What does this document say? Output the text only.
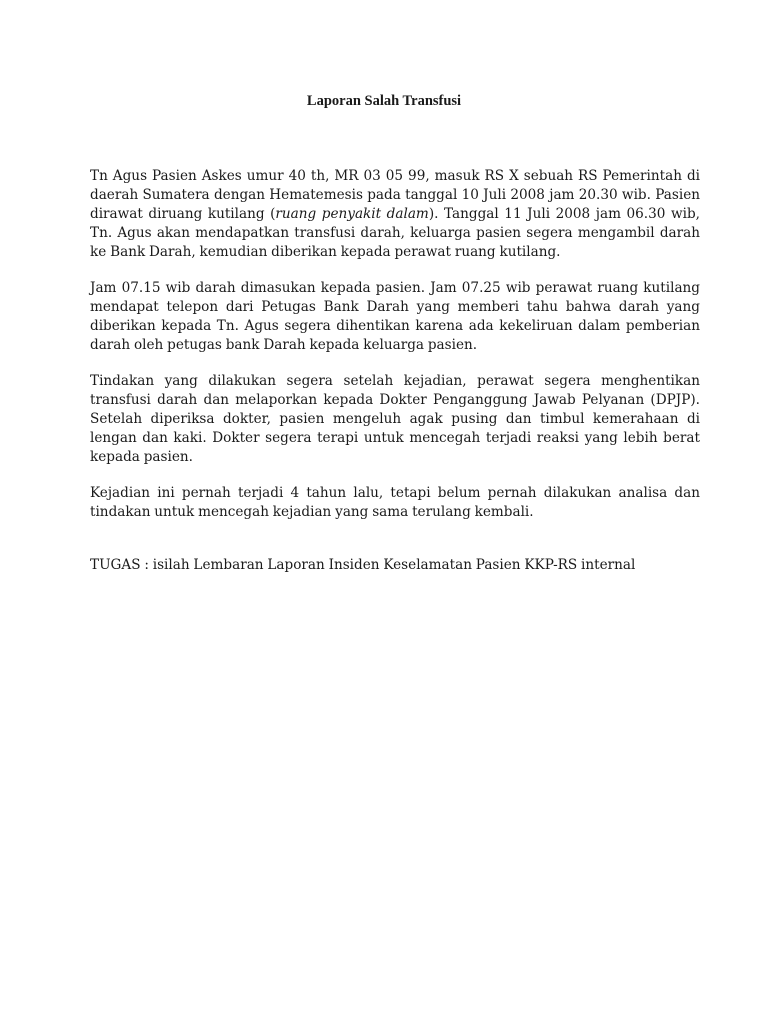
Laporan Salah Transfusi

Tn Agus Pasien Askes umur 40 th, MR 03 05 99, masuk RS X sebuah RS Pemerintah di daerah Sumatera dengan Hematemesis pada tanggal 10 Juli 2008 jam 20.30 wib. Pasien dirawat diruang kutilang (ruang penyakit dalam). Tanggal 11 Juli 2008 jam 06.30 wib, Tn. Agus akan mendapatkan transfusi darah, keluarga pasien segera mengambil darah ke Bank Darah, kemudian diberikan kepada perawat ruang kutilang.

Jam 07.15 wib darah dimasukan kepada pasien. Jam 07.25 wib perawat ruang kutilang mendapat telepon dari Petugas Bank Darah yang memberi tahu bahwa darah yang diberikan kepada Tn. Agus segera dihentikan karena ada kekeliruan dalam pemberian darah oleh petugas bank Darah kepada keluarga pasien.

Tindakan yang dilakukan segera setelah kejadian, perawat segera menghentikan transfusi darah dan melaporkan kepada Dokter Penganggung Jawab Pelyanan (DPJP). Setelah diperiksa dokter, pasien mengeluh agak pusing dan timbul kemerahaan di lengan dan kaki. Dokter segera terapi untuk mencegah terjadi reaksi yang lebih berat kepada pasien.

Kejadian ini pernah terjadi 4 tahun lalu, tetapi belum pernah dilakukan analisa dan tindakan untuk mencegah kejadian yang sama terulang kembali.

TUGAS : isilah Lembaran Laporan Insiden Keselamatan Pasien KKP-RS internal
